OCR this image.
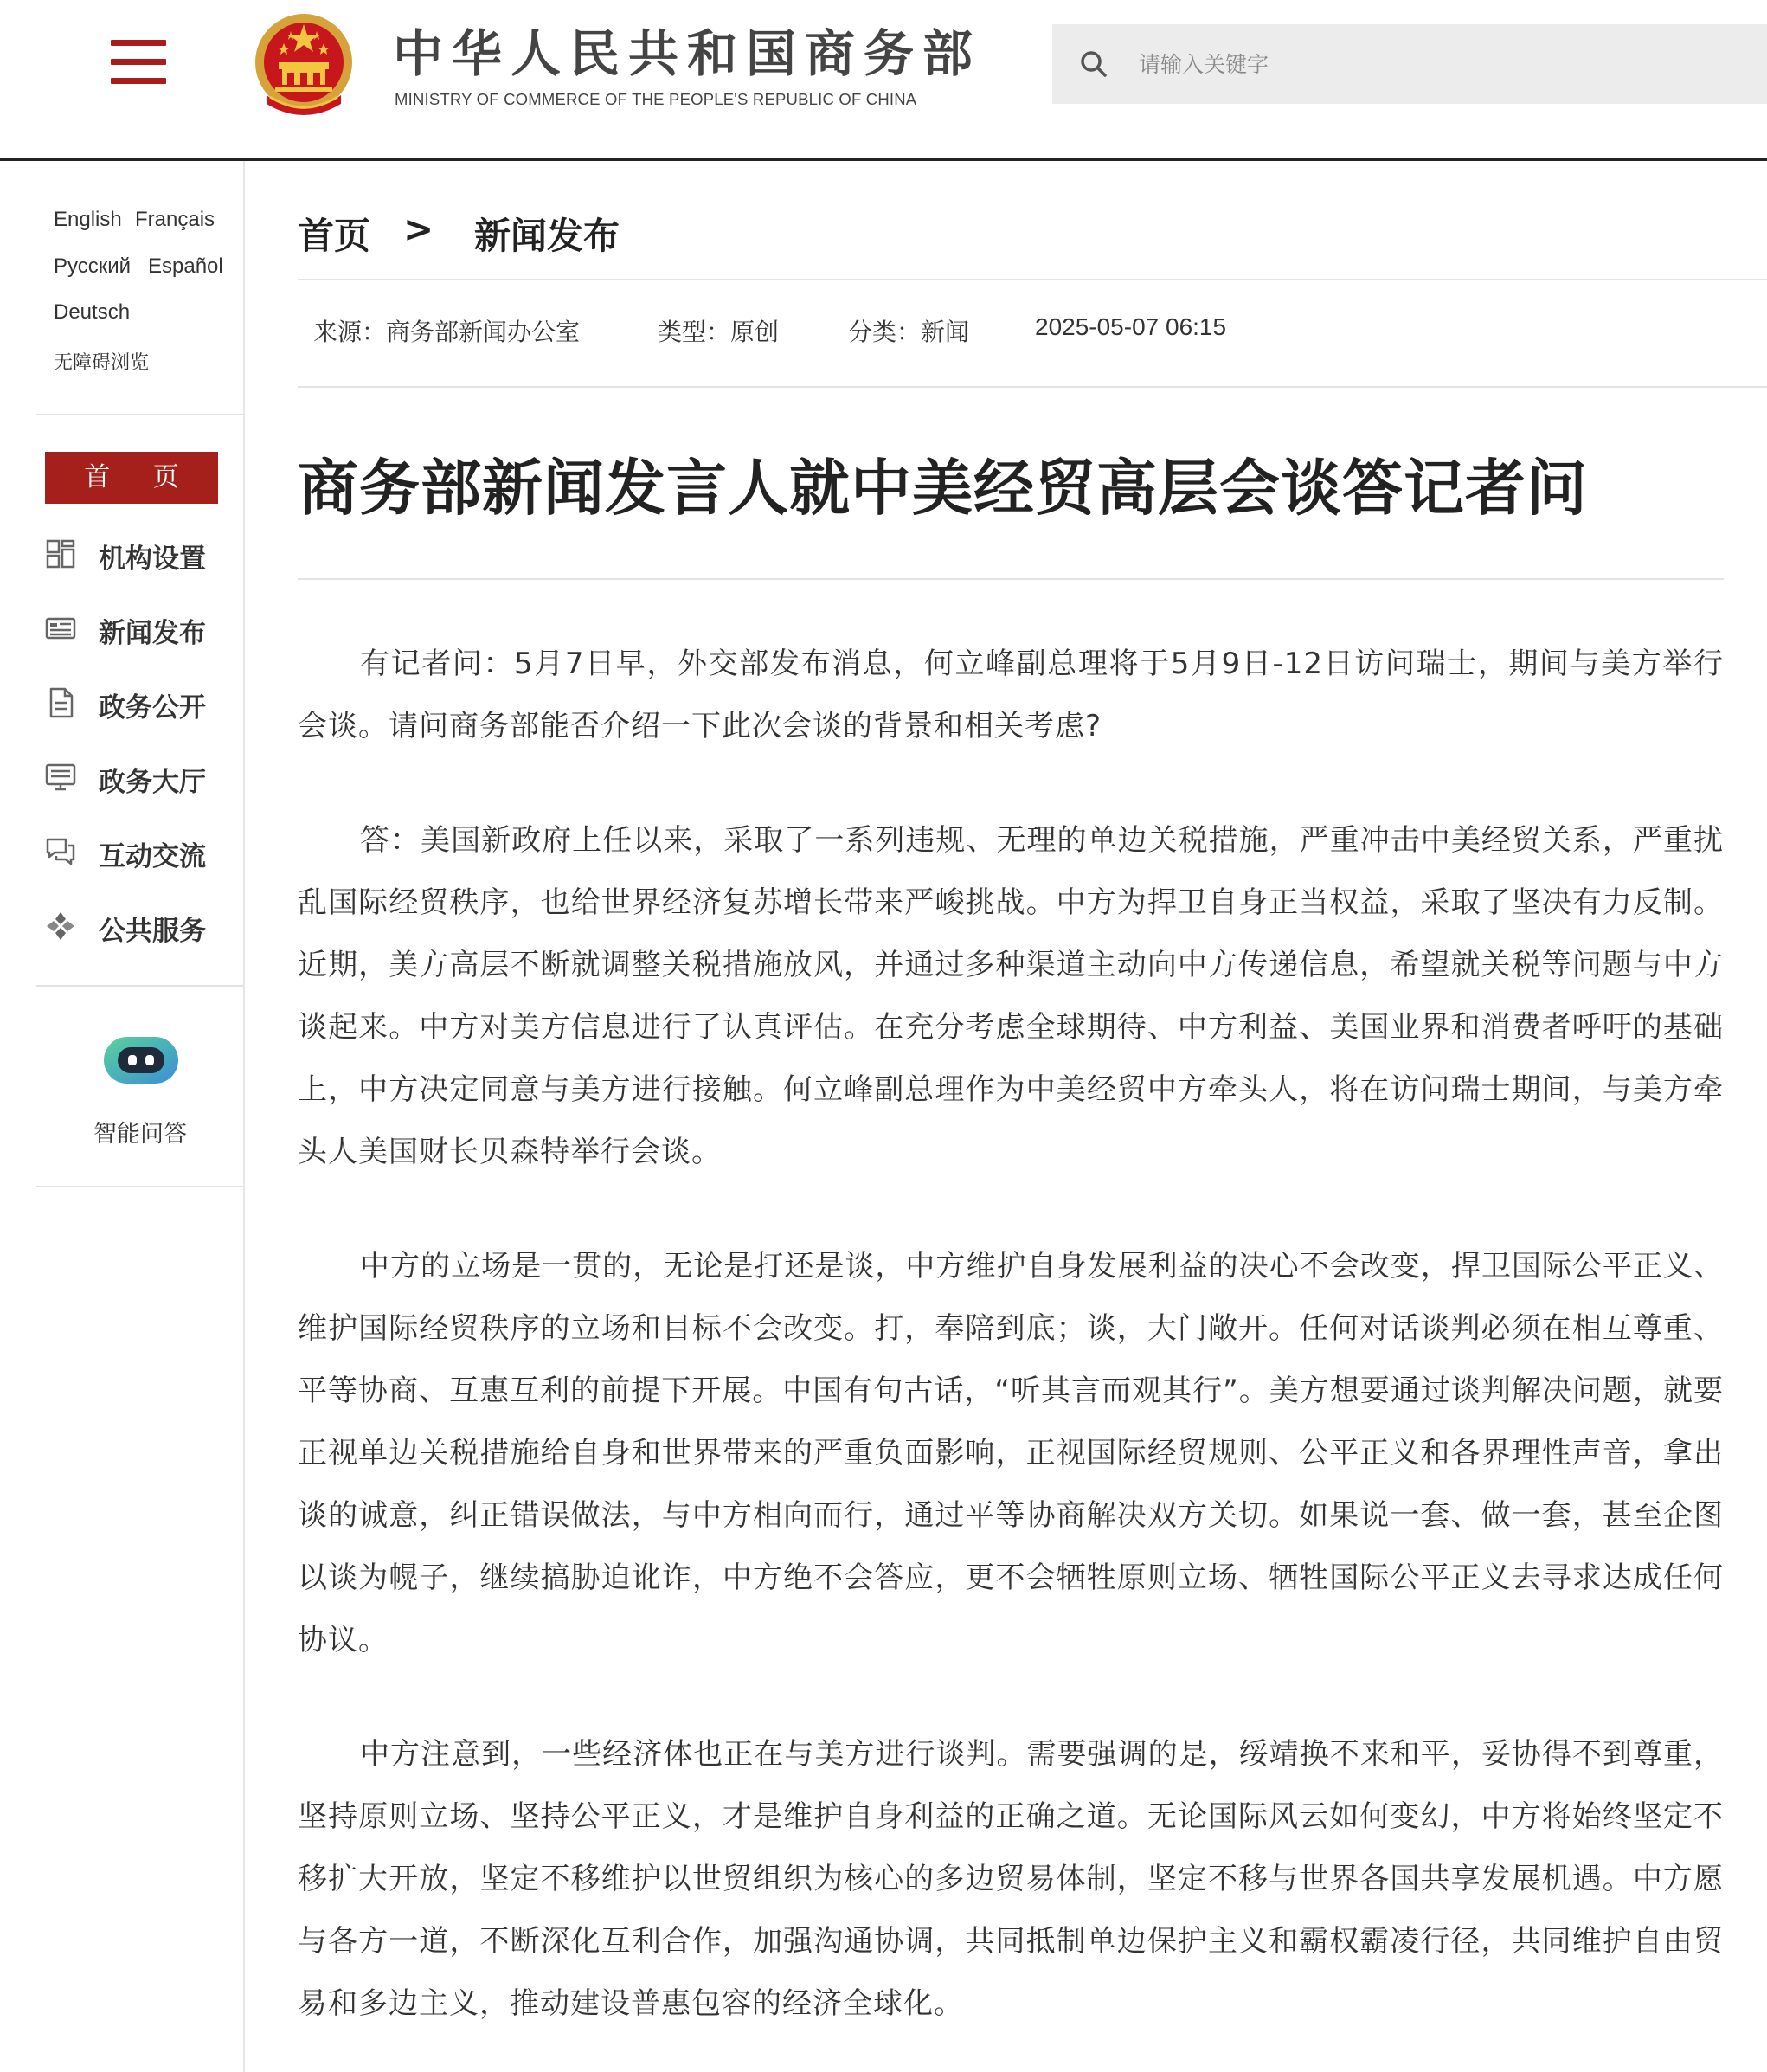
中华人民共和国商务部
MINISTRY OF COMMERCE OF THE PEOPLE'S REPUBLIC OF CHINA
请输入关键字
English Français
Русский Español
Deutsch
无障碍浏览
首 页
机构设置
新闻发布
政务公开
政务大厅
互动交流
公共服务
智能问答
首页 > 新闻发布
来源：商务部新闻办公室	类型：原创	分类：新闻	2025-05-07 06:15
商务部新闻发言人就中美经贸高层会谈答记者问

有记者问：5月7日早，外交部发布消息，何立峰副总理将于5月9日-12日访问瑞士，期间与美方举行会谈。请问商务部能否介绍一下此次会谈的背景和相关考虑?

答：美国新政府上任以来，采取了一系列违规、无理的单边关税措施，严重冲击中美经贸关系，严重扰乱国际经贸秩序，也给世界经济复苏增长带来严峻挑战。中方为捍卫自身正当权益，采取了坚决有力反制。近期，美方高层不断就调整关税措施放风，并通过多种渠道主动向中方传递信息，希望就关税等问题与中方谈起来。中方对美方信息进行了认真评估。在充分考虑全球期待、中方利益、美国业界和消费者呼吁的基础上，中方决定同意与美方进行接触。何立峰副总理作为中美经贸中方牵头人，将在访问瑞士期间，与美方牵头人美国财长贝森特举行会谈。

中方的立场是一贯的，无论是打还是谈，中方维护自身发展利益的决心不会改变，捍卫国际公平正义、维护国际经贸秩序的立场和目标不会改变。打，奉陪到底；谈，大门敞开。任何对话谈判必须在相互尊重、平等协商、互惠互利的前提下开展。中国有句古话，“听其言而观其行”。美方想要通过谈判解决问题，就要正视单边关税措施给自身和世界带来的严重负面影响，正视国际经贸规则、公平正义和各界理性声音，拿出谈的诚意，纠正错误做法，与中方相向而行，通过平等协商解决双方关切。如果说一套、做一套，甚至企图以谈为幌子，继续搞胁迫讹诈，中方绝不会答应，更不会牺牲原则立场、牺牲国际公平正义去寻求达成任何协议。

中方注意到，一些经济体也正在与美方进行谈判。需要强调的是，绥靖换不来和平，妥协得不到尊重，坚持原则立场、坚持公平正义，才是维护自身利益的正确之道。无论国际风云如何变幻，中方将始终坚定不移扩大开放，坚定不移维护以世贸组织为核心的多边贸易体制，坚定不移与世界各国共享发展机遇。中方愿与各方一道，不断深化互利合作，加强沟通协调，共同抵制单边保护主义和霸权霸凌行径，共同维护自由贸易和多边主义，推动建设普惠包容的经济全球化。
